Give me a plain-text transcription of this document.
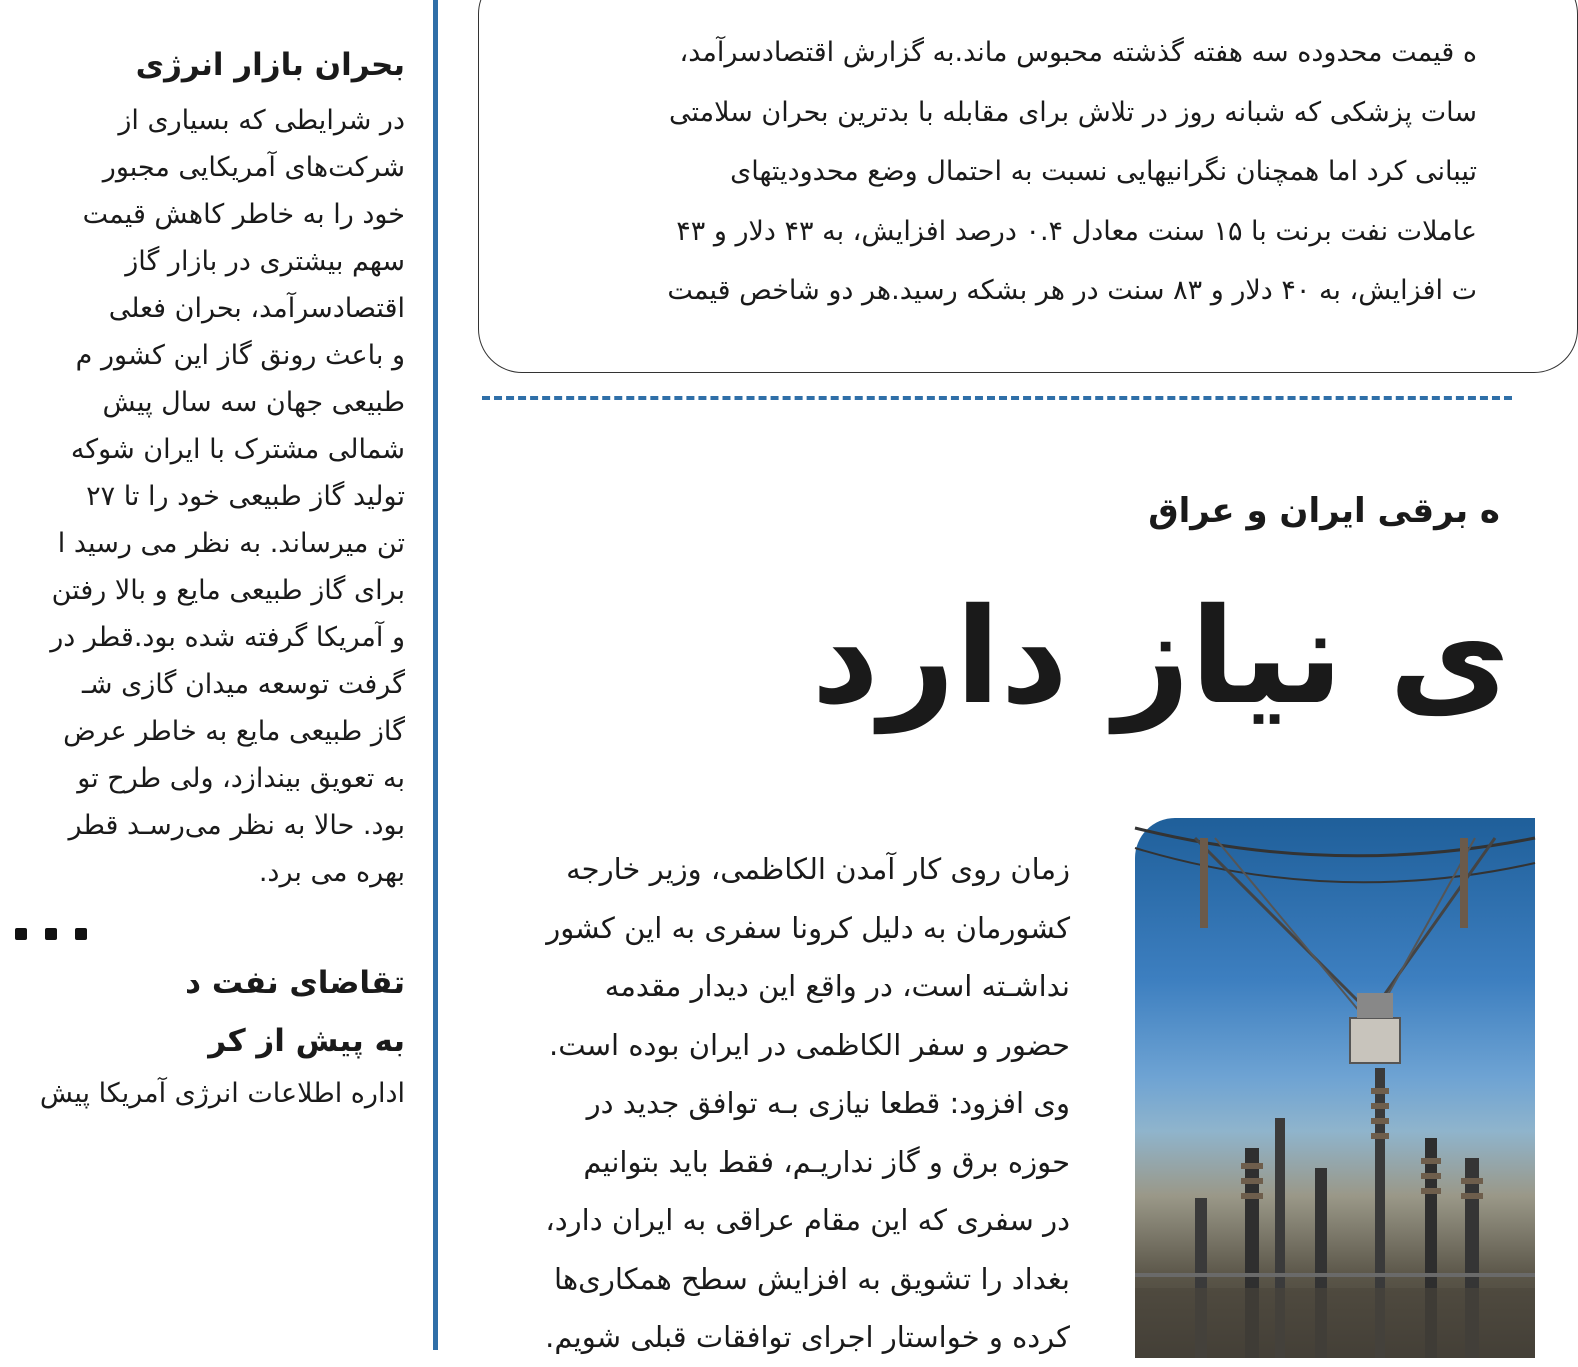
بحران بازار انرژی
در شرایطی که بسیاری از
شرکت‌های آمریکایی مجبور
خود را به خاطر کاهش قیمت
سهم بیشتری در بازار گاز
اقتصادسرآمد، بحران فعلی
و باعث رونق گاز این کشور م
طبیعی جهان سه سال پیش
شمالی مشترک با ایران شوکه
تولید گاز طبیعی خود را تا ۲۷
تن میرساند. به نظر می رسید ا
برای گاز طبیعی مایع و بالا رفتن
و آمریکا گرفته شده بود.قطر در
گرفت توسعه میدان گازی شـ
گاز طبیعی مایع به خاطر عرض
به تعویق بیندازد، ولی طرح تو
بود. حالا به نظر می‌رسـد قطر
بهره می برد.
تقاضای نفت د
به پیش از کر
اداره اطلاعات انرژی آمریکا پیش
ه قیمت محدوده سه هفته گذشته محبوس ماند.به گزارش اقتصادسرآمد،
سات پزشکی که شبانه روز در تلاش برای مقابله با بدترین بحران سلامتی
تیبانی کرد اما همچنان نگرانیهایی نسبت به احتمال وضع محدودیتهای
عاملات نفت برنت با ۱۵ سنت معادل ۰.۴ درصد افزایش، به ۴۳ دلار و ۴۳
ت افزایش، به ۴۰ دلار و ۸۳ سنت در هر بشکه رسید.هر دو شاخص قیمت
ه برقی ایران و عراق
ی نیاز دارد
زمان روی کار آمدن الکاظمی، وزیر خارجه
کشورمان به دلیل کرونا سفری به این کشور
نداشـته است، در واقع این دیدار مقدمه
حضور و سفر الکاظمی در ایران بوده است.
وی افزود: قطعا نیازی بـه توافق جدید در
حوزه برق و گاز نداریـم، فقط باید بتوانیم
در سفری که این مقام عراقی به ایران دارد،
بغداد را تشویق به افزایش سطح همکاری‌ها
کرده و خواستار اجرای توافقات قبلی شویم.
